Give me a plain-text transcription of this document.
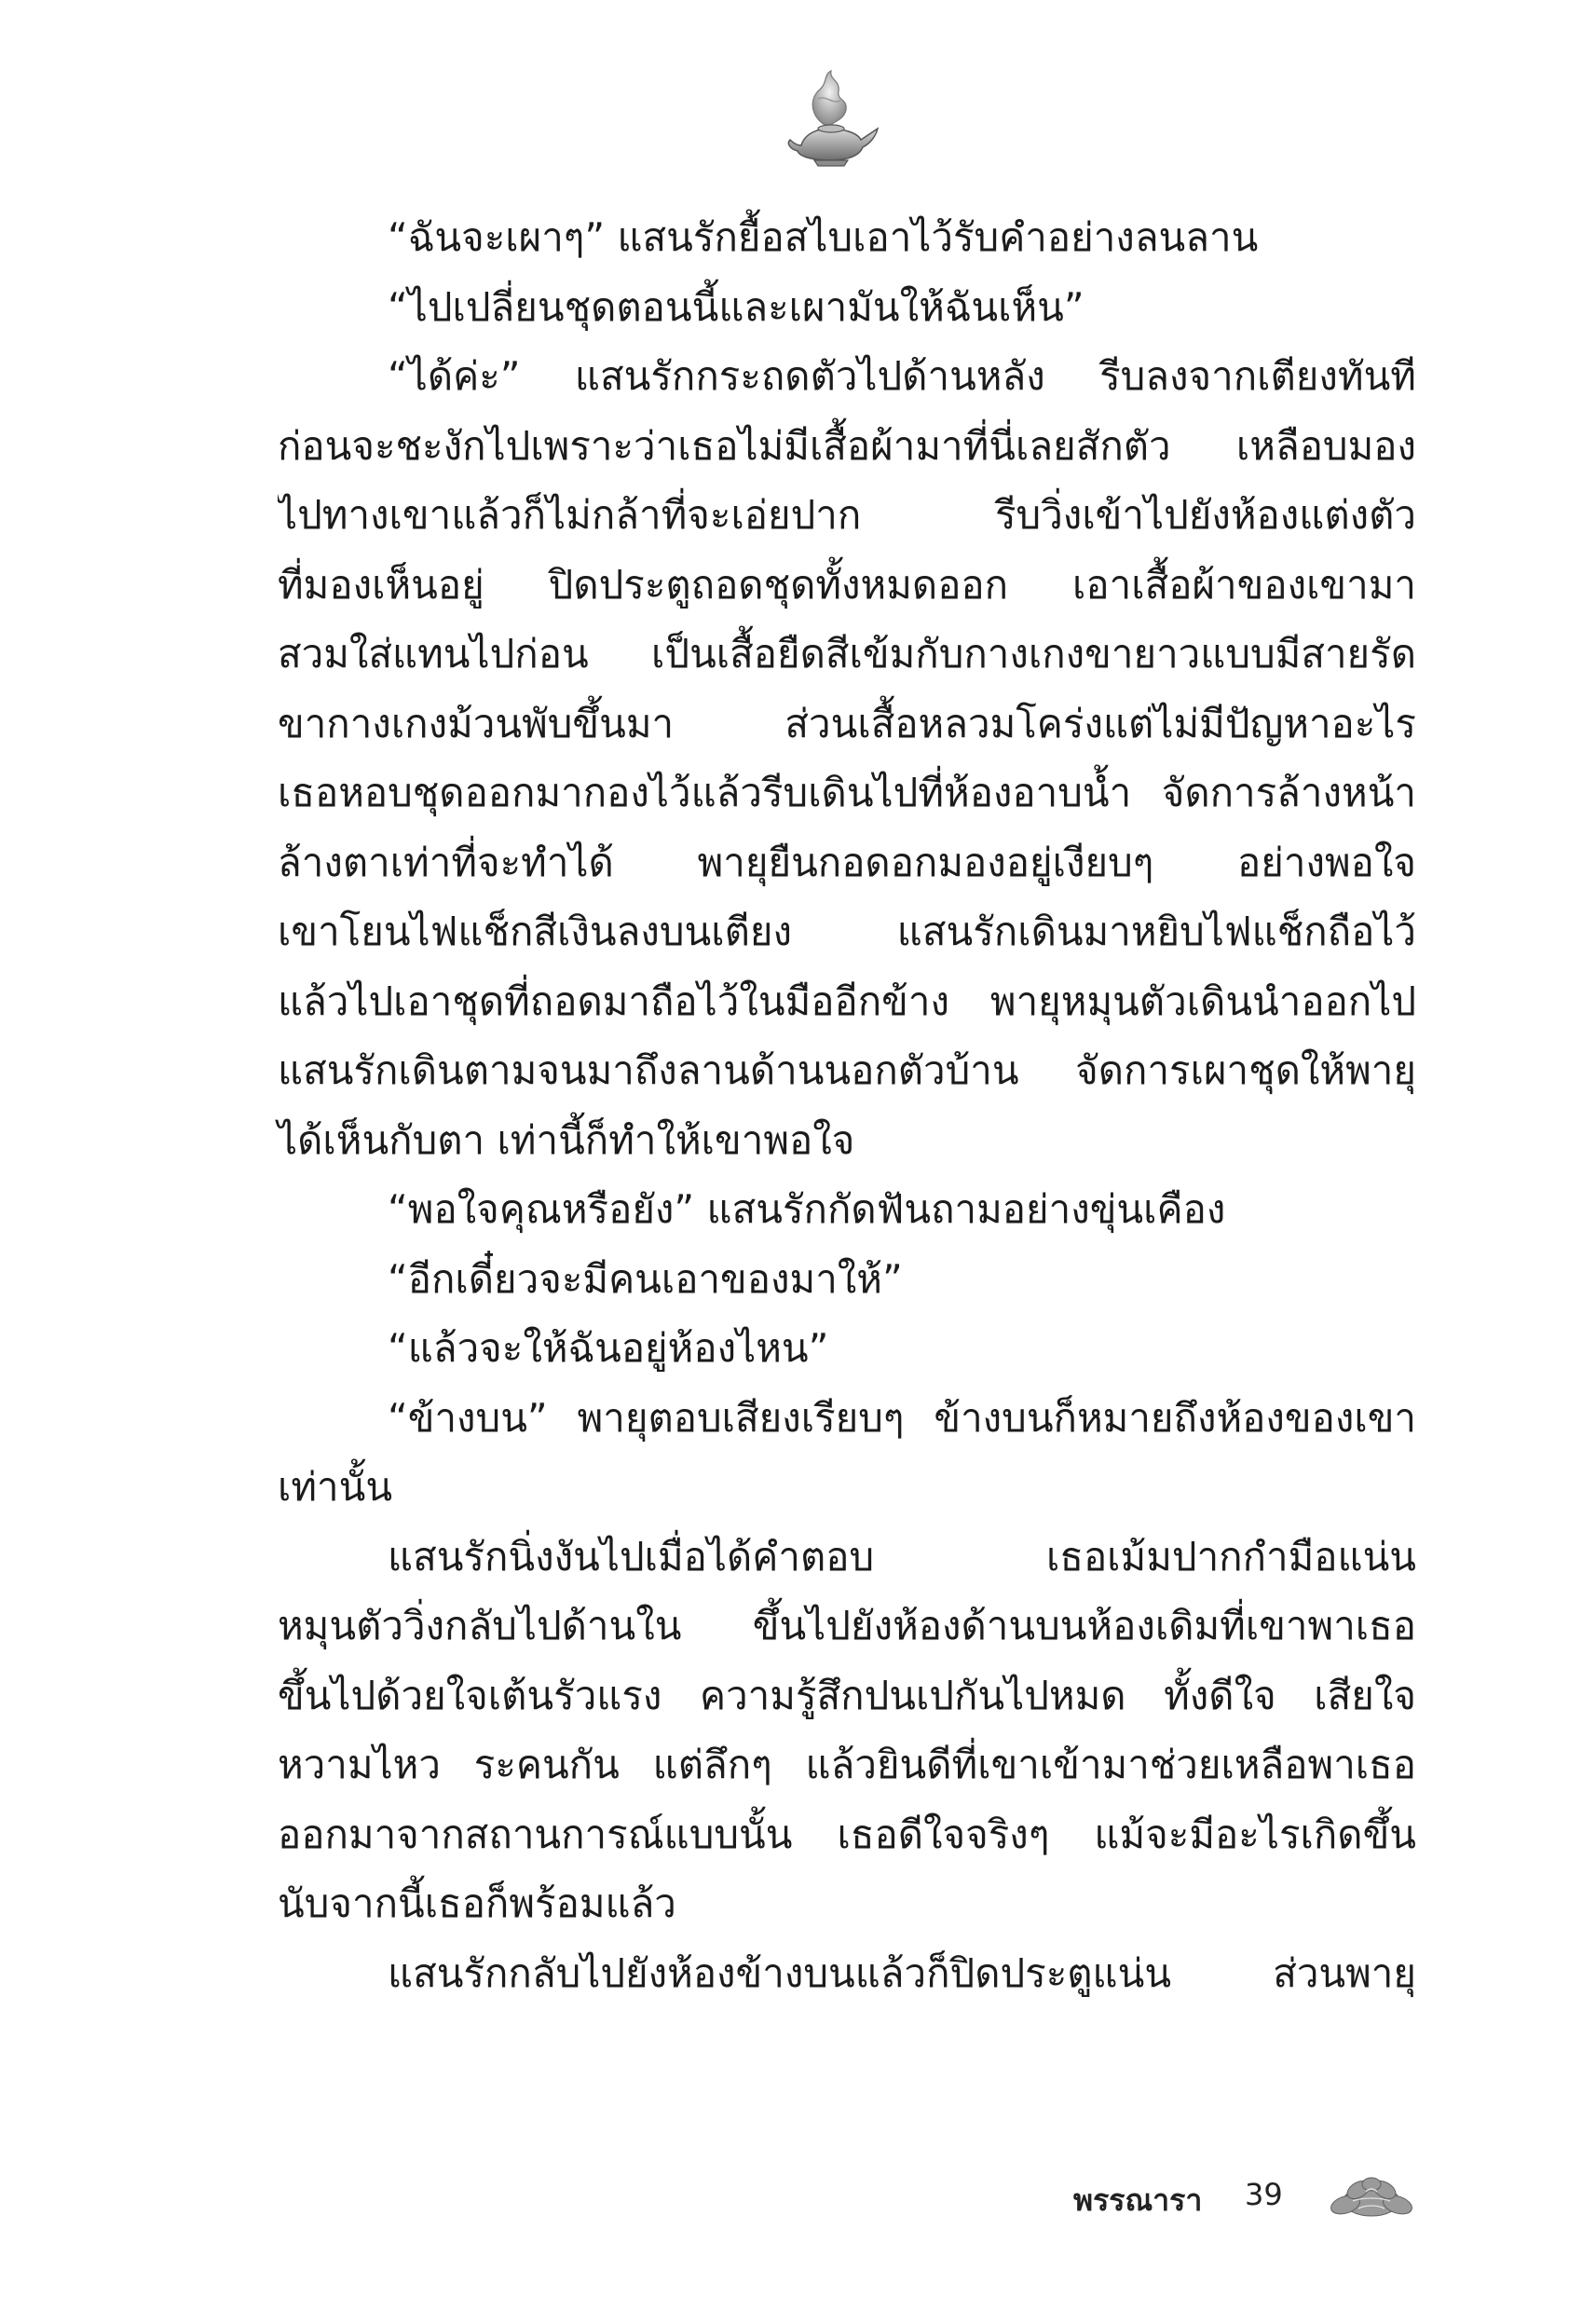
“ฉันจะเผาๆ” แสนรักยื้อสไบเอาไว้รับคำอย่างลนลาน
“ไปเปลี่ยนชุดตอนนี้และเผามันให้ฉันเห็น”
“ได้ค่ะ” แสนรักกระถดตัวไปด้านหลัง รีบลงจากเตียงทันที
ก่อนจะชะงักไปเพราะว่าเธอไม่มีเสื้อผ้ามาที่นี่เลยสักตัว เหลือบมอง
ไปทางเขาแล้วก็ไม่กล้าที่จะเอ่ยปาก รีบวิ่งเข้าไปยังห้องแต่งตัว
ที่มองเห็นอยู่ ปิดประตูถอดชุดทั้งหมดออก เอาเสื้อผ้าของเขามา
สวมใส่แทนไปก่อน เป็นเสื้อยืดสีเข้มกับกางเกงขายาวแบบมีสายรัด
ขากางเกงม้วนพับขึ้นมา ส่วนเสื้อหลวมโคร่งแต่ไม่มีปัญหาอะไร
เธอหอบชุดออกมากองไว้แล้วรีบเดินไปที่ห้องอาบน้ำ จัดการล้างหน้า
ล้างตาเท่าที่จะทำได้ พายุยืนกอดอกมองอยู่เงียบๆ อย่างพอใจ
เขาโยนไฟแช็กสีเงินลงบนเตียง แสนรักเดินมาหยิบไฟแช็กถือไว้
แล้วไปเอาชุดที่ถอดมาถือไว้ในมืออีกข้าง พายุหมุนตัวเดินนำออกไป
แสนรักเดินตามจนมาถึงลานด้านนอกตัวบ้าน จัดการเผาชุดให้พายุ
ได้เห็นกับตา เท่านี้ก็ทำให้เขาพอใจ
“พอใจคุณหรือยัง” แสนรักกัดฟันถามอย่างขุ่นเคือง
“อีกเดี๋ยวจะมีคนเอาของมาให้”
“แล้วจะให้ฉันอยู่ห้องไหน”
“ข้างบน” พายุตอบเสียงเรียบๆ ข้างบนก็หมายถึงห้องของเขา
เท่านั้น
แสนรักนิ่งงันไปเมื่อได้คำตอบ เธอเม้มปากกำมือแน่น
หมุนตัววิ่งกลับไปด้านใน ขึ้นไปยังห้องด้านบนห้องเดิมที่เขาพาเธอ
ขึ้นไปด้วยใจเต้นรัวแรง ความรู้สึกปนเปกันไปหมด ทั้งดีใจ เสียใจ
หวามไหว ระคนกัน แต่ลึกๆ แล้วยินดีที่เขาเข้ามาช่วยเหลือพาเธอ
ออกมาจากสถานการณ์แบบนั้น เธอดีใจจริงๆ แม้จะมีอะไรเกิดขึ้น
นับจากนี้เธอก็พร้อมแล้ว
แสนรักกลับไปยังห้องข้างบนแล้วก็ปิดประตูแน่น ส่วนพายุ
พรรณารา 39
